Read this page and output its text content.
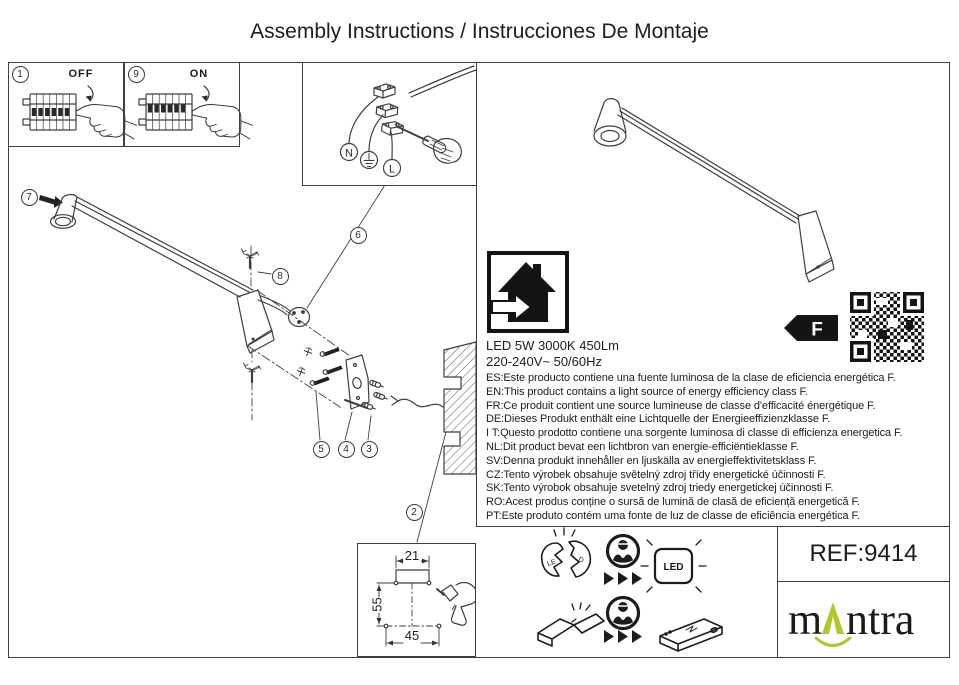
Assembly Instructions / Instrucciones De Montaje
N
L
F
LED 5W 3000K 450Lm
220-240V~ 50/60Hz
ES:Este producto contiene una fuente luminosa de la clase de eficiencia energética F.
EN:This product contains a light source of energy efficiency class F.
FR:Ce produit contient une source lumineuse de classe d'efficacité énergétique F.
DE:Dieses Produkt enthält eine Lichtquelle der Energieeffizienzklasse F.
I T:Questo prodotto contiene una sorgente luminosa di classe di efficienza energetica F.
NL:Dit product bevat een lichtbron van energie-efficiëntieklasse F.
SV:Denna produkt innehåller en ljuskälla av energieffektivitetsklass F.
CZ:Tento výrobek obsahuje světelný zdroj třídy energetické účinnosti F.
SK:Tento výrobok obsahuje svetelný zdroj triedy energetickej účinnosti F.
RO:Acest produs conține o sursă de lumină de clasă de eficiență energetică F.
PT:Este produto contém uma fonte de luz de classe de eficiência energética F.
LE	D
LED
REF:9414
m ntra
OFF	ON
1	9
7
8
6
5	4	3
2
21
55
45
